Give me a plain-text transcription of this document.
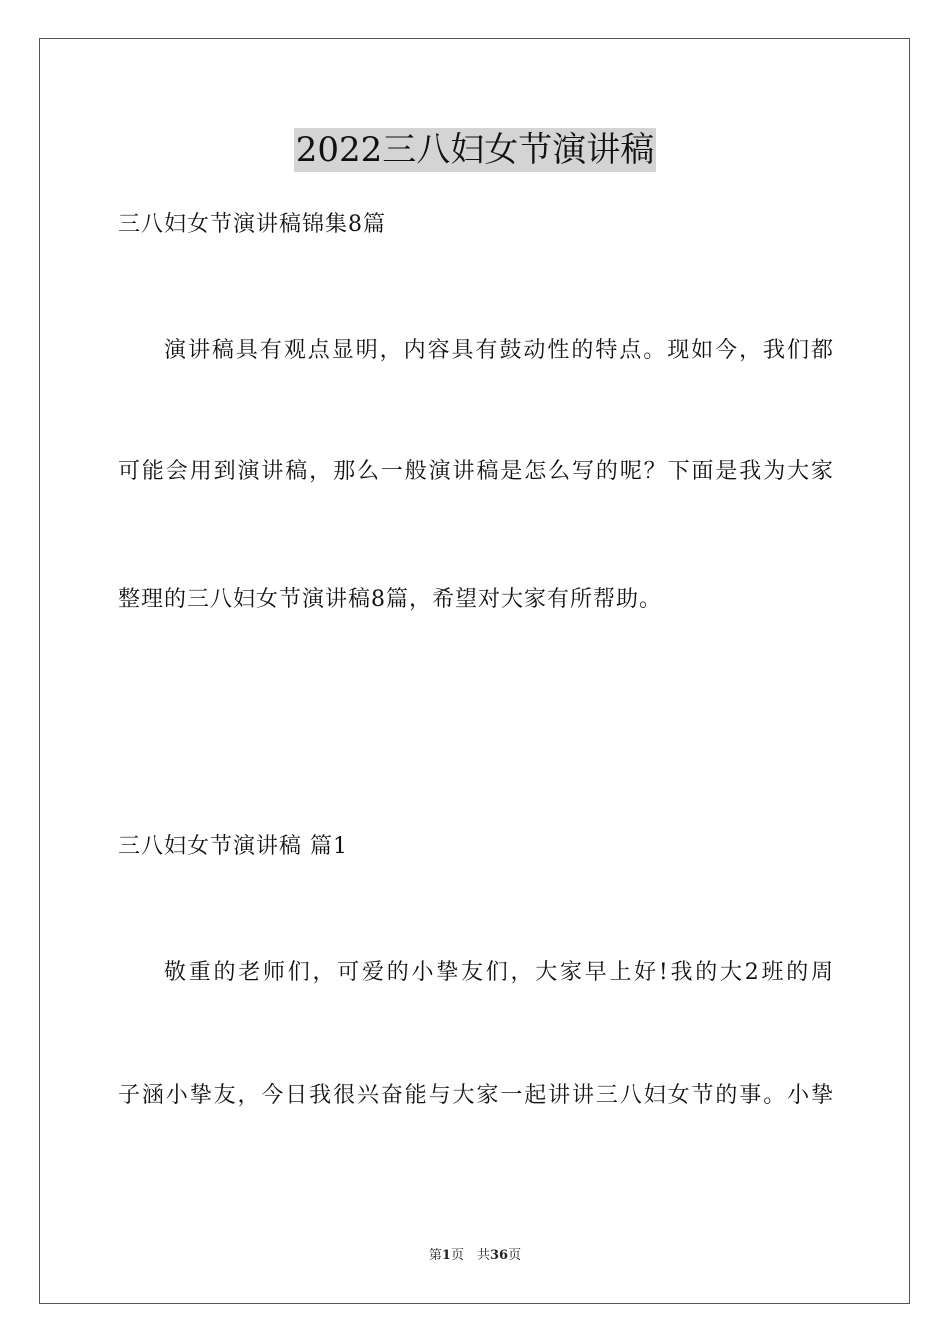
2022三八妇女节演讲稿
三八妇女节演讲稿锦集8篇
演讲稿具有观点显明，内容具有鼓动性的特点。现如今，我们都
可能会用到演讲稿，那么一般演讲稿是怎么写的呢？下面是我为大家
整理的三八妇女节演讲稿8篇，希望对大家有所帮助。
三八妇女节演讲稿 篇1
敬重的老师们，可爱的小挚友们，大家早上好!我的大2班的周
子涵小挚友，今日我很兴奋能与大家一起讲讲三八妇女节的事。小挚
第1页　共36页
